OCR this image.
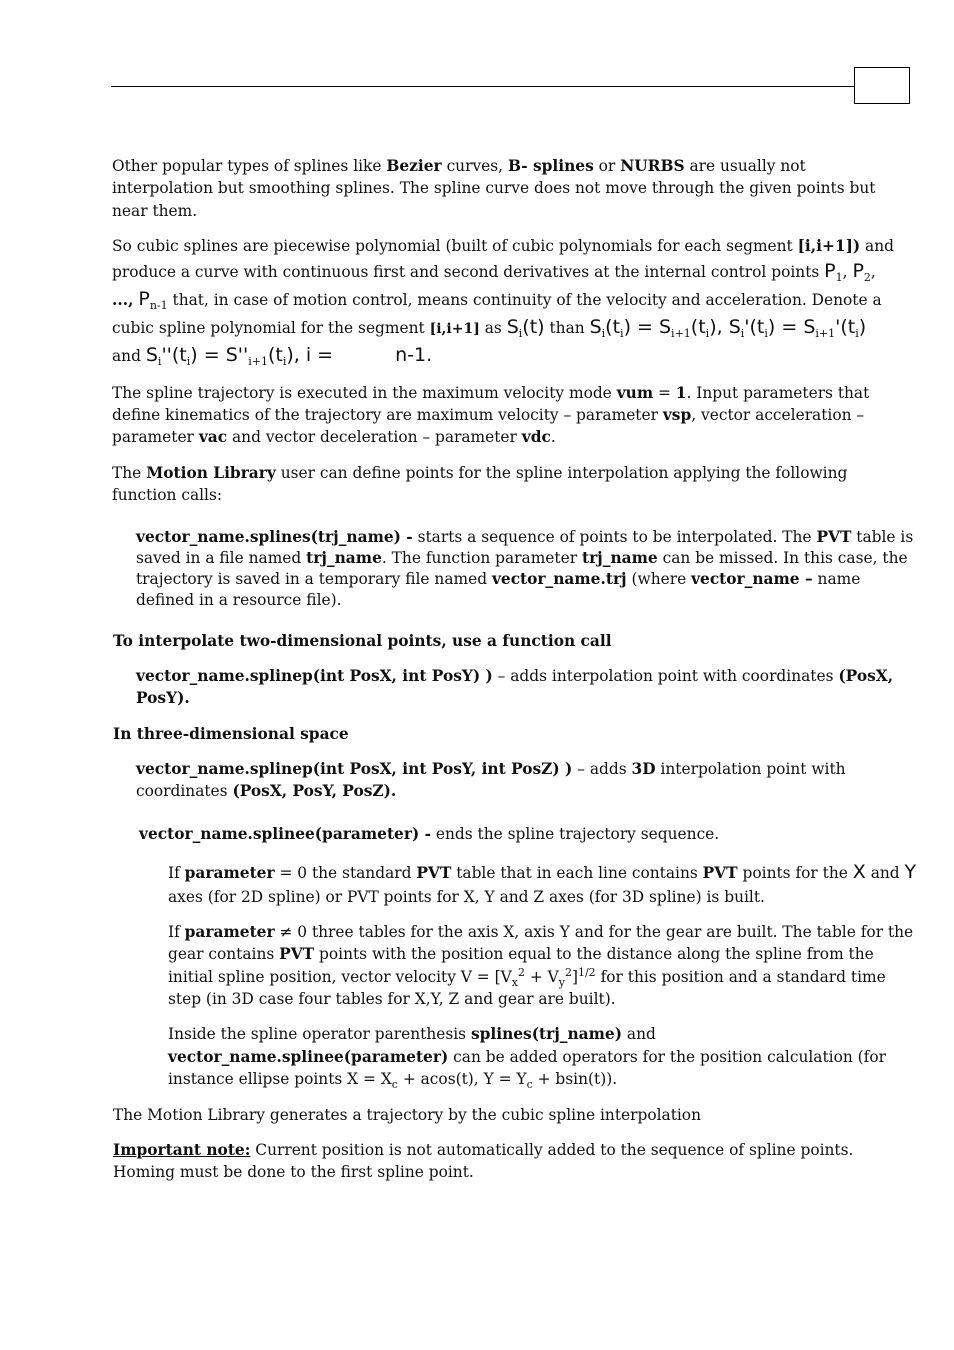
Other popular types of splines like Bezier curves, B- splines or NURBS are usually not
interpolation but smoothing splines. The spline curve does not move through the given points but
near them.
So cubic splines are piecewise polynomial (built of cubic polynomials for each segment [i,i+1]) and
produce a curve with continuous first and second derivatives at the internal control points $P_1$, $P_2$,
..., $P_{n-1}$ that, in case of motion control, means continuity of the velocity and acceleration. Denote a
cubic spline polynomial for the segment [i,i+1] as $S_i(t)$ than $S_i(t_i) = S_{i+1}(t_i)$, $S_i'(t_i) = S_{i+1}'(t_i)$
and $S_i''(t_i) = S''_{i+1}(t_i)$, i =	n-1.
The spline trajectory is executed in the maximum velocity mode vum = 1. Input parameters that
define kinematics of the trajectory are maximum velocity – parameter vsp, vector acceleration –
parameter vac and vector deceleration – parameter vdc.
The Motion Library user can define points for the spline interpolation applying the following
function calls:
vector_name.splines(trj_name) - starts a sequence of points to be interpolated. The PVT table is
saved in a file named trj_name. The function parameter trj_name can be missed. In this case, the
trajectory is saved in a temporary file named vector_name.trj (where vector_name – name
defined in a resource file).
To interpolate two-dimensional points, use a function call
vector_name.splinep(int PosX, int PosY) ) – adds interpolation point with coordinates (PosX,
PosY).
In three-dimensional space
vector_name.splinep(int PosX, int PosY, int PosZ) ) – adds 3D interpolation point with
coordinates (PosX, PosY, PosZ).
vector_name.splinee(parameter) - ends the spline trajectory sequence.
If parameter = 0 the standard PVT table that in each line contains PVT points for the X and Y
axes (for 2D spline) or PVT points for X, Y and Z axes (for 3D spline) is built.
If parameter ≠ 0 three tables for the axis X, axis Y and for the gear are built. The table for the
gear contains PVT points with the position equal to the distance along the spline from the
initial spline position, vector velocity $V = [V_x^2 + V_y^2]^{1/2}$ for this position and a standard time
step (in 3D case four tables for X,Y, Z and gear are built).
Inside the spline operator parenthesis splines(trj_name) and
vector_name.splinee(parameter) can be added operators for the position calculation (for
instance ellipse points $X = X_c + acos(t)$, $Y = Y_c + bsin(t)$).
The Motion Library generates a trajectory by the cubic spline interpolation
Important note: Current position is not automatically added to the sequence of spline points.
Homing must be done to the first spline point.
